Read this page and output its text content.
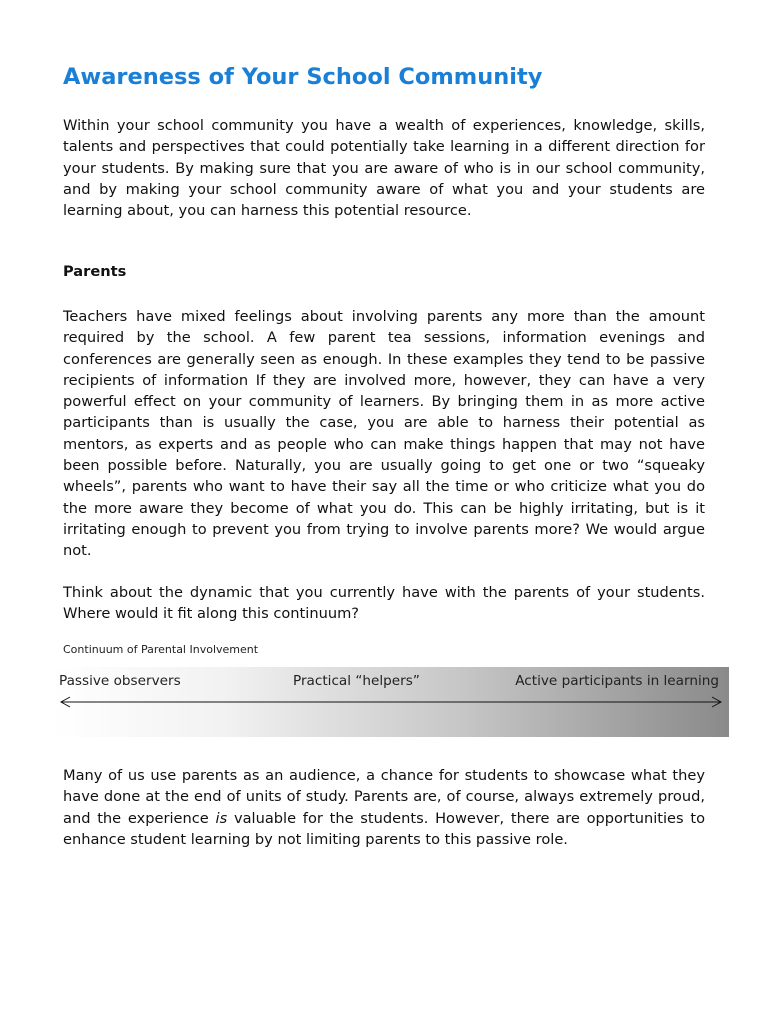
Awareness of Your School Community

Within your school community you have a wealth of experiences, knowledge, skills, talents and perspectives that could potentially take learning in a different direction for your students. By making sure that you are aware of who is in our school community, and by making your school community aware of what you and your students are learning about, you can harness this potential resource.

Parents

Teachers have mixed feelings about involving parents any more than the amount required by the school. A few parent tea sessions, information evenings and conferences are generally seen as enough. In these examples they tend to be passive recipients of information If they are involved more, however, they can have a very powerful effect on your community of learners. By bringing them in as more active participants than is usually the case, you are able to harness their potential as mentors, as experts and as people who can make things happen that may not have been possible before. Naturally, you are usually going to get one or two “squeaky wheels”, parents who want to have their say all the time or who criticize what you do the more aware they become of what you do. This can be highly irritating, but is it irritating enough to prevent you from trying to involve parents more? We would argue not.

Think about the dynamic that you currently have with the parents of your students. Where would it fit along this continuum?

Continuum of Parental Involvement
Passive observers	Practical “helpers”	Active participants in learning

Many of us use parents as an audience, a chance for students to showcase what they have done at the end of units of study. Parents are, of course, always extremely proud, and the experience is valuable for the students. However, there are opportunities to enhance student learning by not limiting parents to this passive role.
